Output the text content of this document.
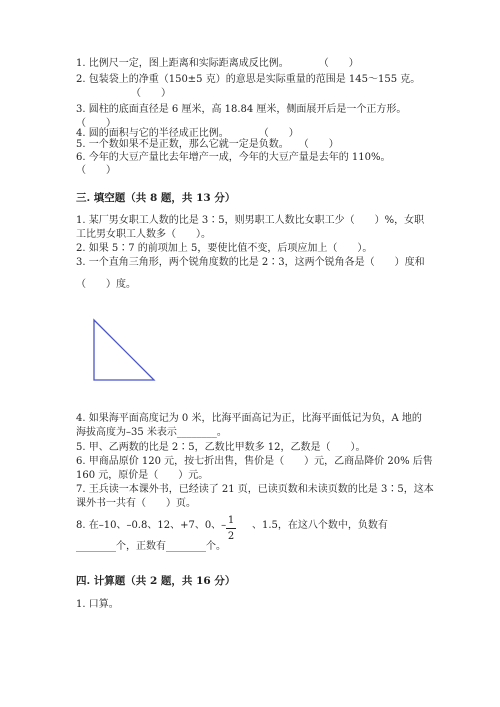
1. 比例尺一定，图上距离和实际距离成反比例。　　　　（　　）
2. 包装袋上的净重（150±5 克）的意思是实际重量的范围是 145～155 克。
　　　　　　（　　）
3. 圆柱的底面直径是 6 厘米，高 18.84 厘米，侧面展开后是一个正方形。
（　　）
4. 圆的面积与它的半径成正比例。　　　　（　　）
5. 一个数如果不是正数，那么它就一定是负数。　　（　　）
6. 今年的大豆产量比去年增产一成，今年的大豆产量是去年的 110%。
（　　）
三. 填空题（共 8 题，共 13 分）
1. 某厂男女职工人数的比是 3∶5，则男职工人数比女职工少（　　）%，女职
工比男女职工人数多（　　）。
2. 如果 5∶7 的前项加上 5，要使比值不变，后项应加上（　　）。
3. 一个直角三角形，两个锐角度数的比是 2∶3，这两个锐角各是（　　）度和
（　　）度。
4. 如果海平面高度记为 0 米，比海平面高记为正，比海平面低记为负，A 地的
海拔高度为–35 米表示________。
5. 甲、乙两数的比是 2∶5，乙数比甲数多 12，乙数是（　　）。
6. 甲商品原价 120 元，按七折出售，售价是（　　）元，乙商品降价 20% 后售
160 元，原价是（　　）元。
7. 王兵读一本课外书，已经读了 21 页，已读页数和未读页数的比是 3∶5，这本
课外书一共有（　　）页。
8. 在–10、–0.8、12、+7、0、– 1
2
、1.5，在这八个数中，负数有
________个，正数有________个。
四. 计算题（共 2 题，共 16 分）
1. 口算。
